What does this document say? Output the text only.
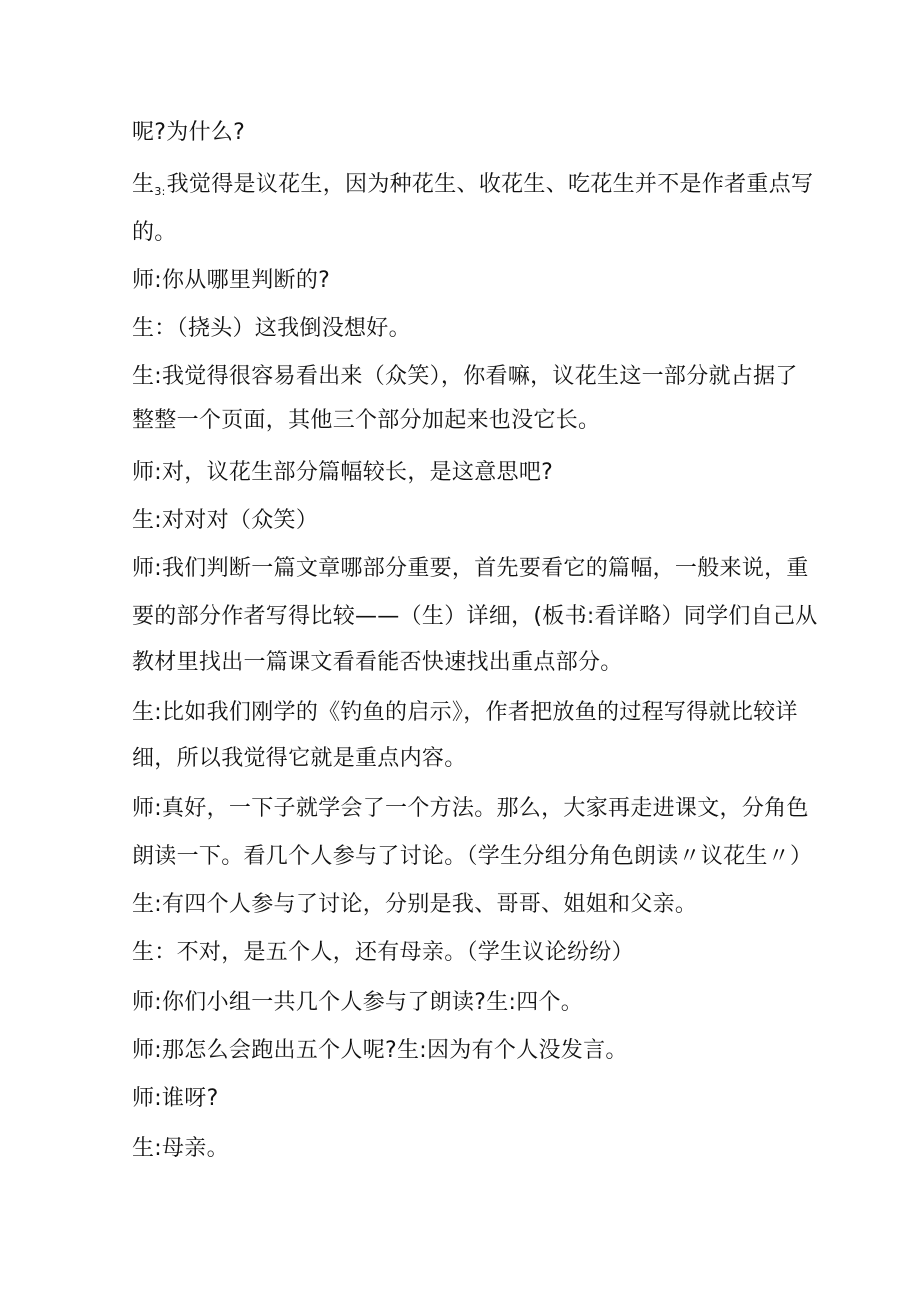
呢?为什么?
生$_{3:}$我觉得是议花生，因为种花生、收花生、吃花生并不是作者重点写
的。
师:你从哪里判断的?
生：（挠头）这我倒没想好。
生:我觉得很容易看出来（众笑），你看嘛，议花生这一部分就占据了
整整一个页面，其他三个部分加起来也没它长。
师:对，议花生部分篇幅较长，是这意思吧?
生:对对对（众笑）
师:我们判断一篇文章哪部分重要，首先要看它的篇幅，一般来说，重
要的部分作者写得比较——（生）详细，(板书:看详略）同学们自己从
教材里找出一篇课文看看能否快速找出重点部分。
生:比如我们刚学的《钓鱼的启示》，作者把放鱼的过程写得就比较详
细，所以我觉得它就是重点内容。
师:真好，一下子就学会了一个方法。那么，大家再走进课文，分角色
朗读一下。看几个人参与了讨论。（学生分组分角色朗读〃议花生〃）
生:有四个人参与了讨论，分别是我、哥哥、姐姐和父亲。
生：不对，是五个人，还有母亲。（学生议论纷纷）
师:你们小组一共几个人参与了朗读?生:四个。
师:那怎么会跑出五个人呢?生:因为有个人没发言。
师:谁呀?
生:母亲。
